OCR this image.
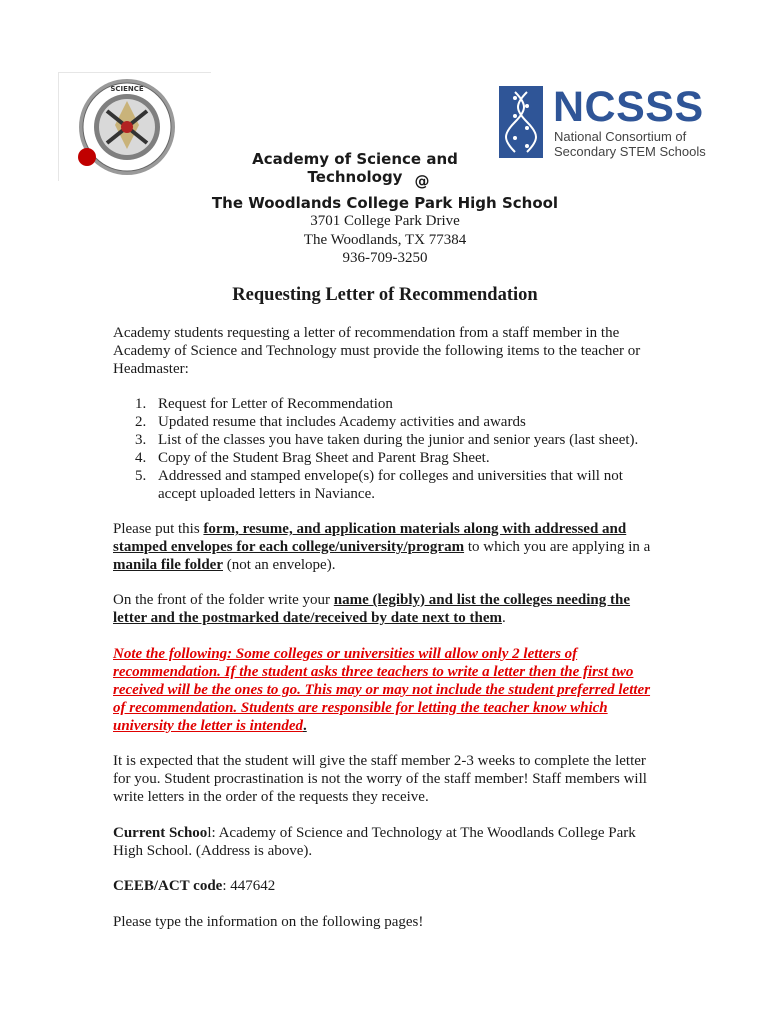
SCIENCE	NCSSS
National Consortium of
Secondary STEM Schools
Academy of Science and Technology @
The Woodlands College Park High School
3701 College Park Drive
The Woodlands, TX 77384
936-709-3250
Requesting Letter of Recommendation
Academy students requesting a letter of recommendation from a staff member in the Academy of Science and Technology must provide the following items to the teacher or Headmaster:
1. Request for Letter of Recommendation
2. Updated resume that includes Academy activities and awards
3. List of the classes you have taken during the junior and senior years (last sheet).
4. Copy of the Student Brag Sheet and Parent Brag Sheet.
5. Addressed and stamped envelope(s) for colleges and universities that will not accept uploaded letters in Naviance.
Please put this form, resume, and application materials along with addressed and stamped envelopes for each college/university/program to which you are applying in a manila file folder (not an envelope).
On the front of the folder write your name (legibly) and list the colleges needing the letter and the postmarked date/received by date next to them.
Note the following: Some colleges or universities will allow only 2 letters of recommendation. If the student asks three teachers to write a letter then the first two received will be the ones to go. This may or may not include the student preferred letter of recommendation. Students are responsible for letting the teacher know which university the letter is intended.
It is expected that the student will give the staff member 2-3 weeks to complete the letter for you. Student procrastination is not the worry of the staff member! Staff members will write letters in the order of the requests they receive.
Current School: Academy of Science and Technology at The Woodlands College Park High School. (Address is above).
CEEB/ACT code: 447642
Please type the information on the following pages!
